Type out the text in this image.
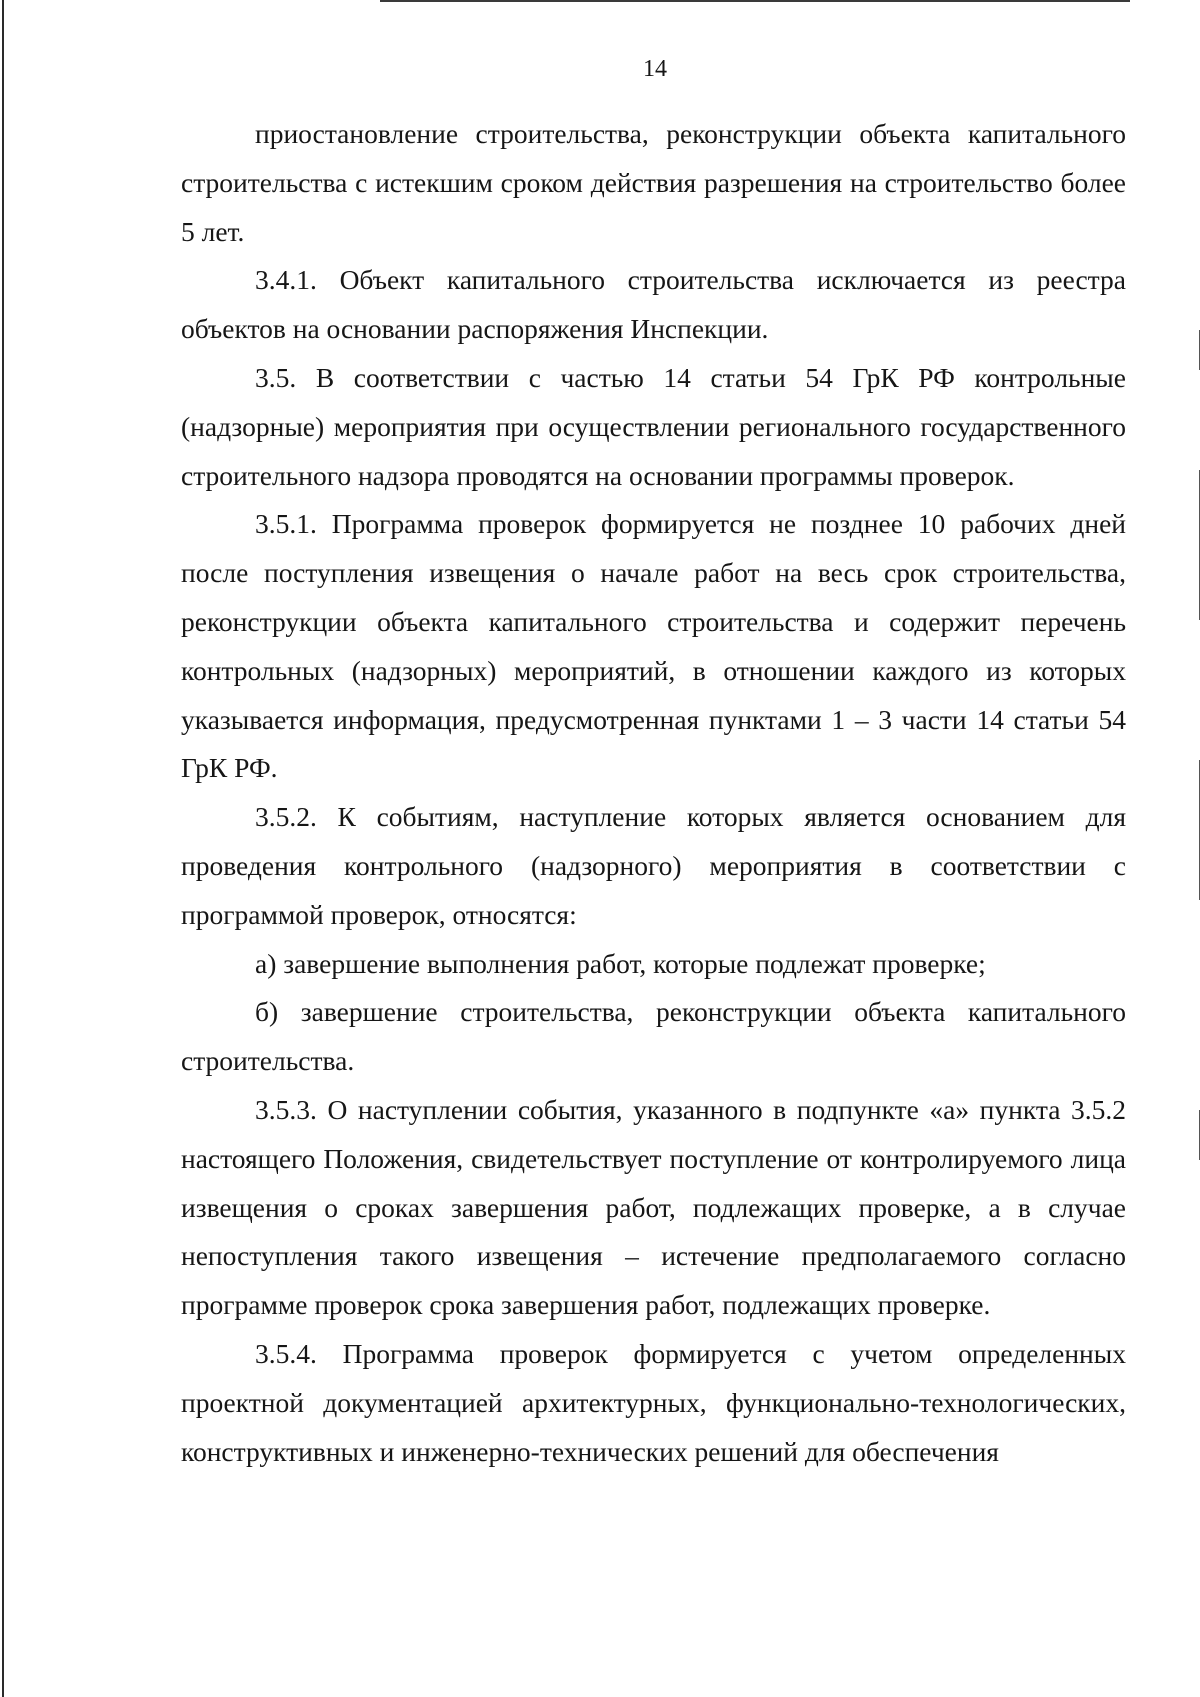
14

приостановление строительства, реконструкции объекта капитального строительства с истекшим сроком действия разрешения на строительство более 5 лет.

3.4.1. Объект капитального строительства исключается из реестра объектов на основании распоряжения Инспекции.

3.5. В соответствии с частью 14 статьи 54 ГрК РФ контрольные (надзорные) мероприятия при осуществлении регионального государственного строительного надзора проводятся на основании программы проверок.

3.5.1. Программа проверок формируется не позднее 10 рабочих дней после поступления извещения о начале работ на весь срок строительства, реконструкции объекта капитального строительства и содержит перечень контрольных (надзорных) мероприятий, в отношении каждого из которых указывается информация, предусмотренная пунктами 1 – 3 части 14 статьи 54 ГрК РФ.

3.5.2. К событиям, наступление которых является основанием для проведения контрольного (надзорного) мероприятия в соответствии с программой проверок, относятся:

а) завершение выполнения работ, которые подлежат проверке;

б) завершение строительства, реконструкции объекта капитального строительства.

3.5.3. О наступлении события, указанного в подпункте «а» пункта 3.5.2 настоящего Положения, свидетельствует поступление от контролируемого лица извещения о сроках завершения работ, подлежащих проверке, а в случае непоступления такого извещения – истечение предполагаемого согласно программе проверок срока завершения работ, подлежащих проверке.

3.5.4. Программа проверок формируется с учетом определенных проектной документацией архитектурных, функционально-технологических, конструктивных и инженерно-технических решений для обеспечения
